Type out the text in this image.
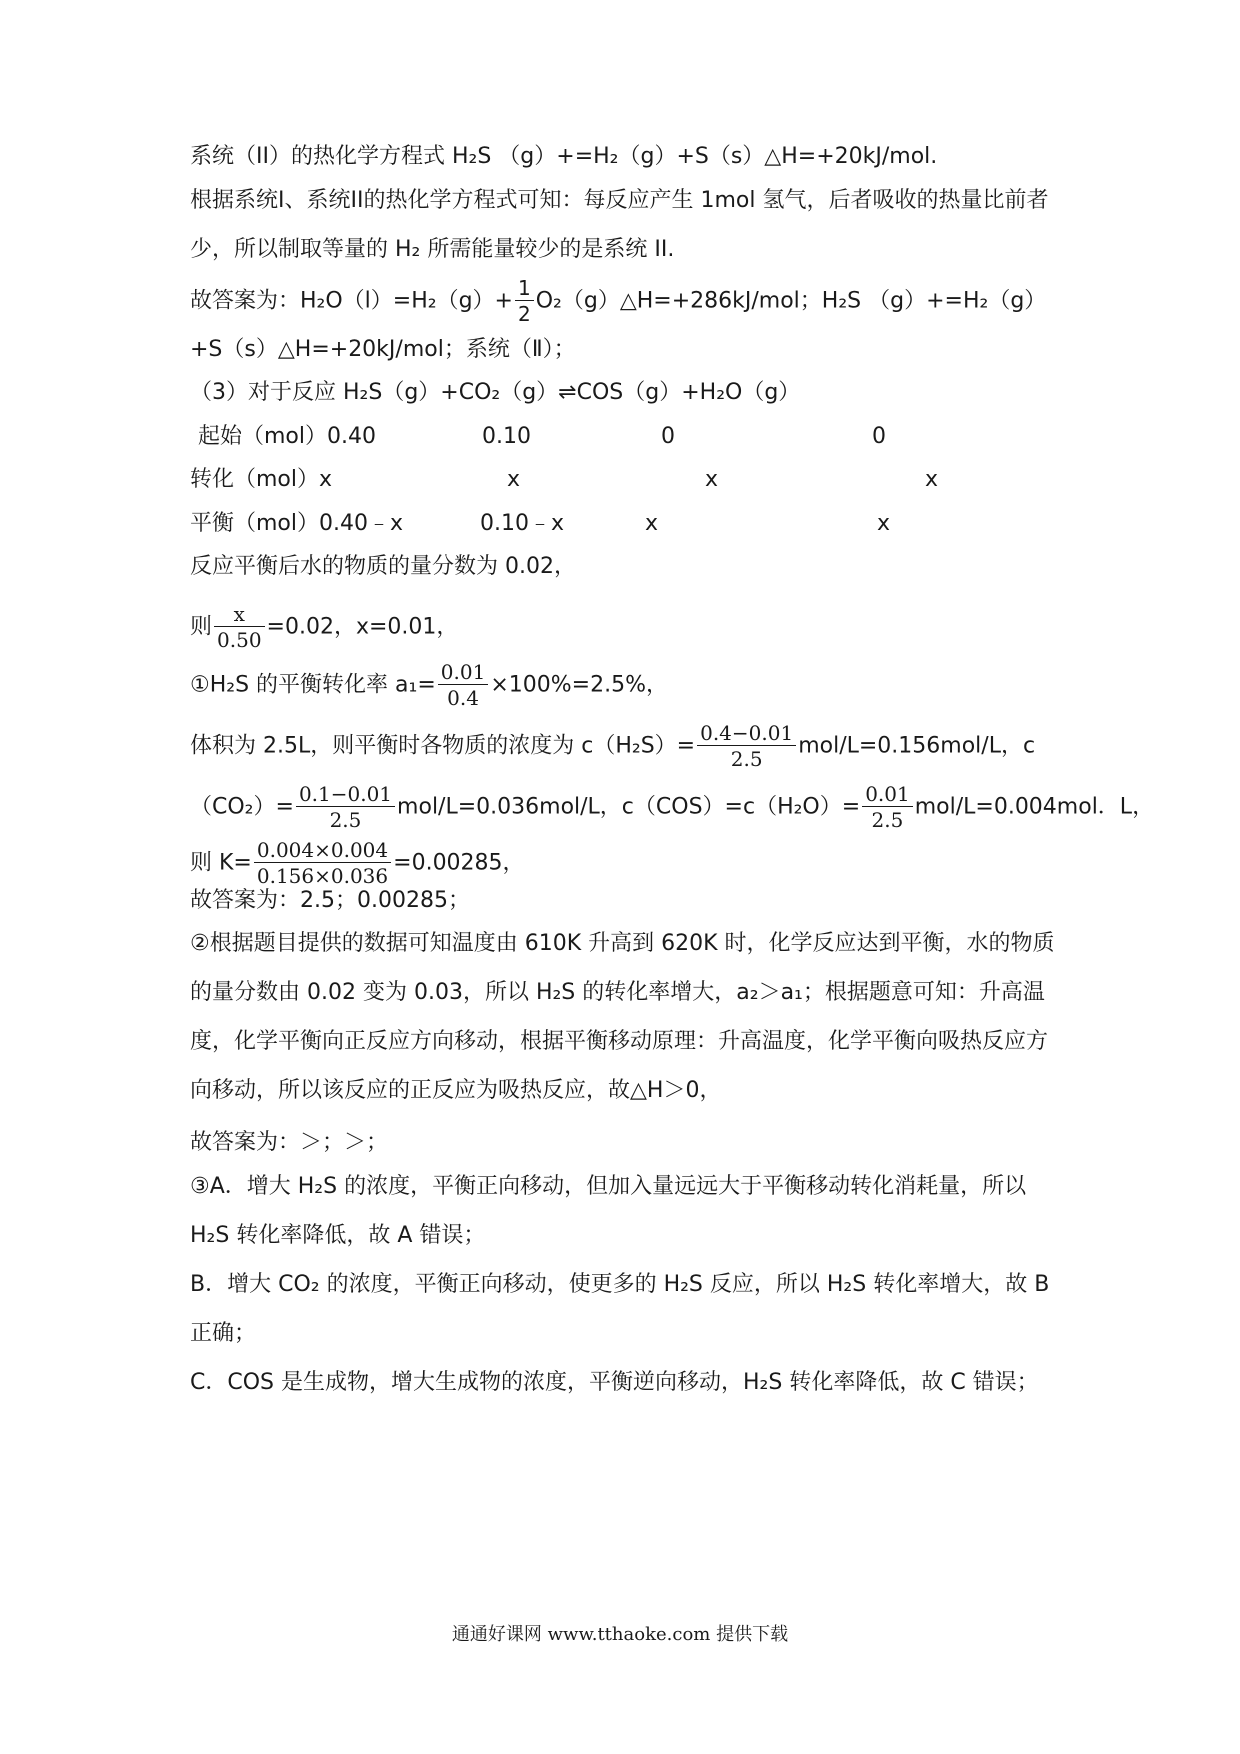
系统（II）的热化学方程式 H₂S （g）+=H₂（g）+S（s）△H=+20kJ/mol.
根据系统I、系统II的热化学方程式可知：每反应产生 1mol 氢气，后者吸收的热量比前者少，所以制取等量的 H₂ 所需能量较少的是系统 II.
故答案为：$H_2O(l)=H_2(g)+ \frac{1}{2}$ O₂（g）△H=+286kJ/mol；H₂S （g）+=H₂（g）
+S（s）△H=+20kJ/mol；系统（Ⅱ）；
（3）对于反应 H₂S（g）+CO₂（g）⇌COS（g）+H₂O（g）
起始（mol）0.40	0.10	0	0
转化（mol）x	x	x	x
平衡（mol）0.40﹣x	0.10﹣x	x	x
反应平衡后水的物质的量分数为 0.02，
则 $\frac{x}{0.50} =0.02$，x=0.01，
①H₂S 的平衡转化率 $a_1= \frac{0.01}{0.4} \times 100\%=2.5\%$，
体积为 2.5L，则平衡时各物质的浓度为 $c(H_2S)= \frac{0.4-0.01}{2.5} mol/L=0.156mol/L$，c
$(CO_2)= \frac{0.1-0.01}{2.5} mol/L=0.036mol/L$，$c(COS)=c(H_2O)= \frac{0.01}{2.5} mol/L=0.004mol$．L，
则 $K= \frac{0.004\times 0.004}{0.156\times 0.036} =0.00285$，
故答案为：2.5；0.00285；
②根据题目提供的数据可知温度由 610K 升高到 620K 时，化学反应达到平衡，水的物质的量分数由 0.02 变为 0.03，所以 H₂S 的转化率增大，a₂＞a₁；根据题意可知：升高温度，化学平衡向正反应方向移动，根据平衡移动原理：升高温度，化学平衡向吸热反应方向移动，所以该反应的正反应为吸热反应，故△H＞0，
故答案为：＞；＞；
③A．增大 H₂S 的浓度，平衡正向移动，但加入量远远大于平衡移动转化消耗量，所以 H₂S 转化率降低，故 A 错误；
B．增大 CO₂ 的浓度，平衡正向移动，使更多的 H₂S 反应，所以 H₂S 转化率增大，故 B 正确；
C．COS 是生成物，增大生成物的浓度，平衡逆向移动，H₂S 转化率降低，故 C 错误；
通通好课网 www.tthaoke.com 提供下载
